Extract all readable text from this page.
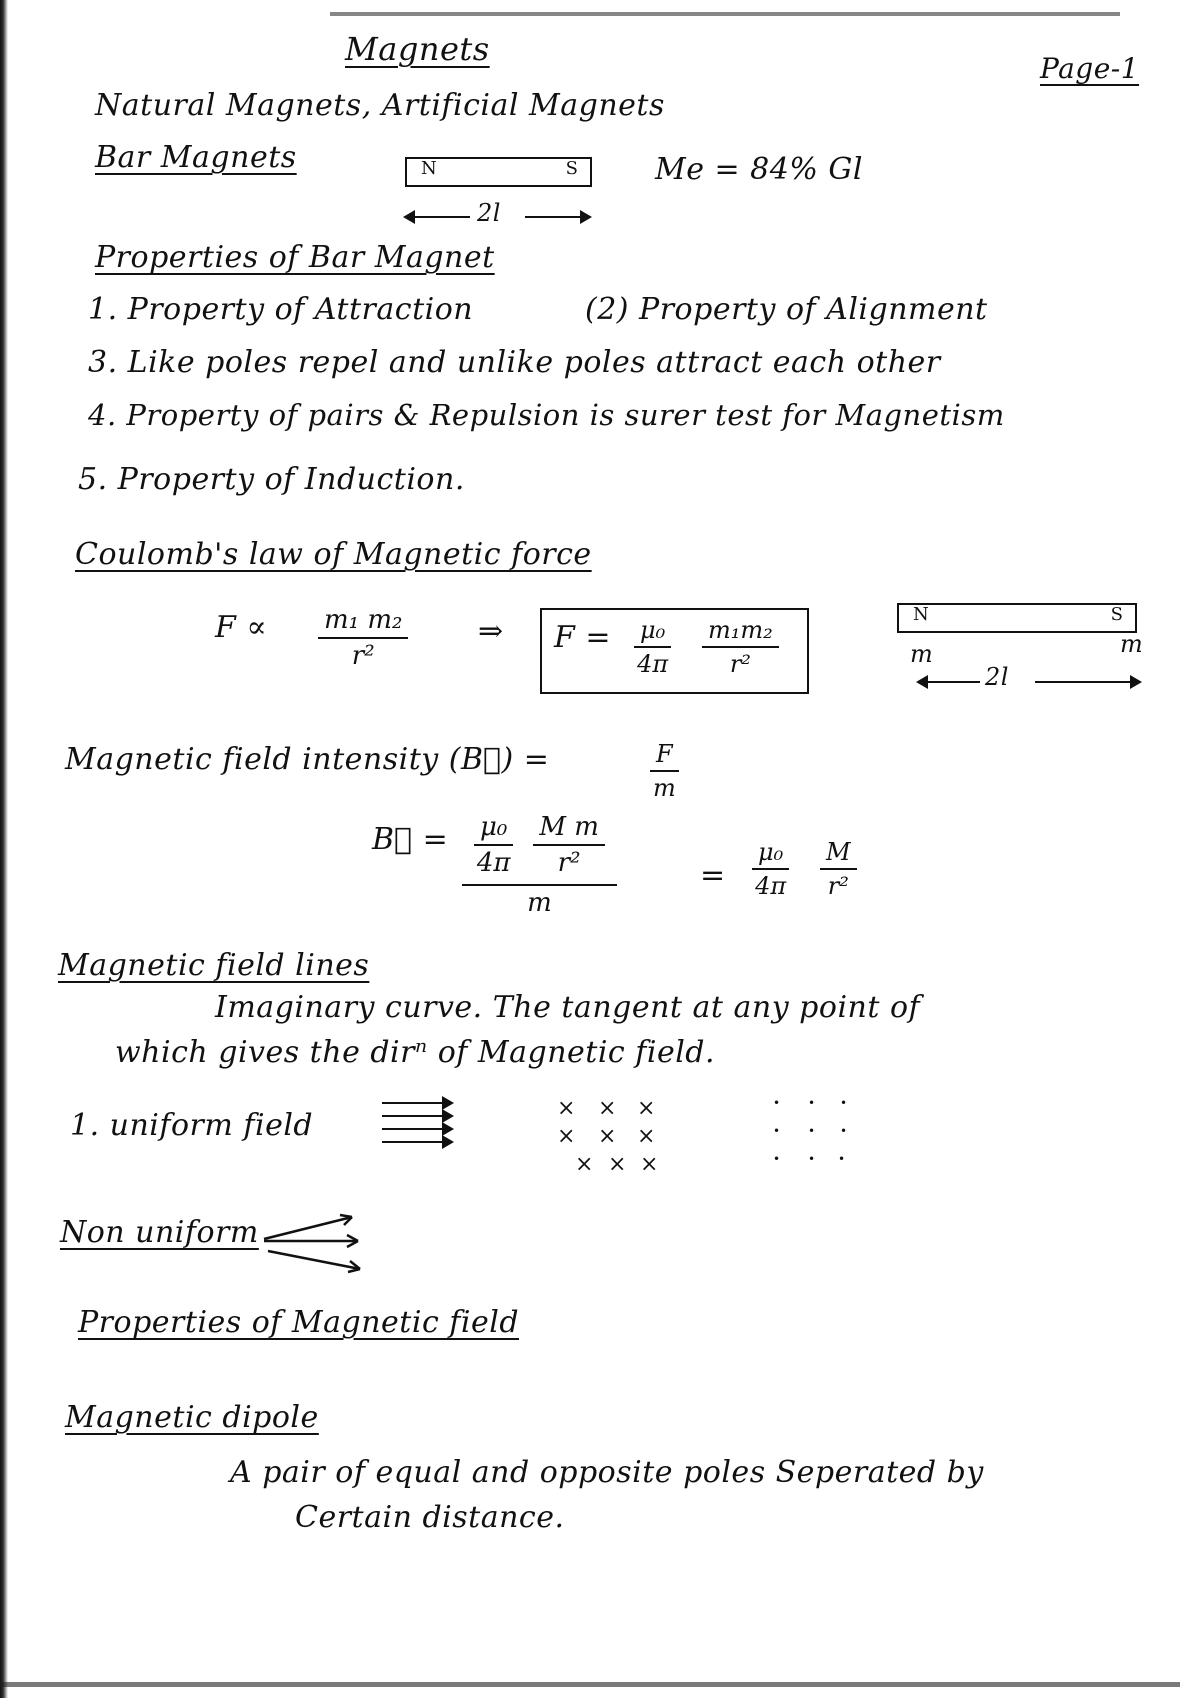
Magnets
Page-1
Natural Magnets, Artificial Magnets
Bar Magnets	N	S
2l
Me = 84% Gl
Properties of Bar Magnet
1. Property of Attraction	(2) Property of Alignment
3. Like poles repel and unlike poles attract each other
4. Property of pairs & Repulsion is surer test for Magnetism
5. Property of Induction.
Coulomb's law of Magnetic force
$F \propto \frac{\text{m₁ m₂}}{\text{r²}}$ ⇒ $F = \frac{\text{μ₀}}{4\pi} \frac{\text{m₁m₂}}{\text{r²}}$
N	S
m	m
2l
Magnetic field intensity (B⃗) =	$\frac{F}{m}$
B⃗ = $\frac{\frac{\text{μ₀}}{4\pi} \frac{\text{M m}}{\text{r²}}}{m}$	= $\frac{\text{μ₀}}{4\pi} \frac{M}{\text{r²}}$
Magnetic field lines
Imaginary curve. The tangent at any point of
which gives the dirⁿ of Magnetic field.
1. uniform field	× × ×
× × ×
× × ×
• • •
• • •
• • •
Non uniform
Properties of Magnetic field
Magnetic dipole
A pair of equal and opposite poles Seperated by
Certain distance.
